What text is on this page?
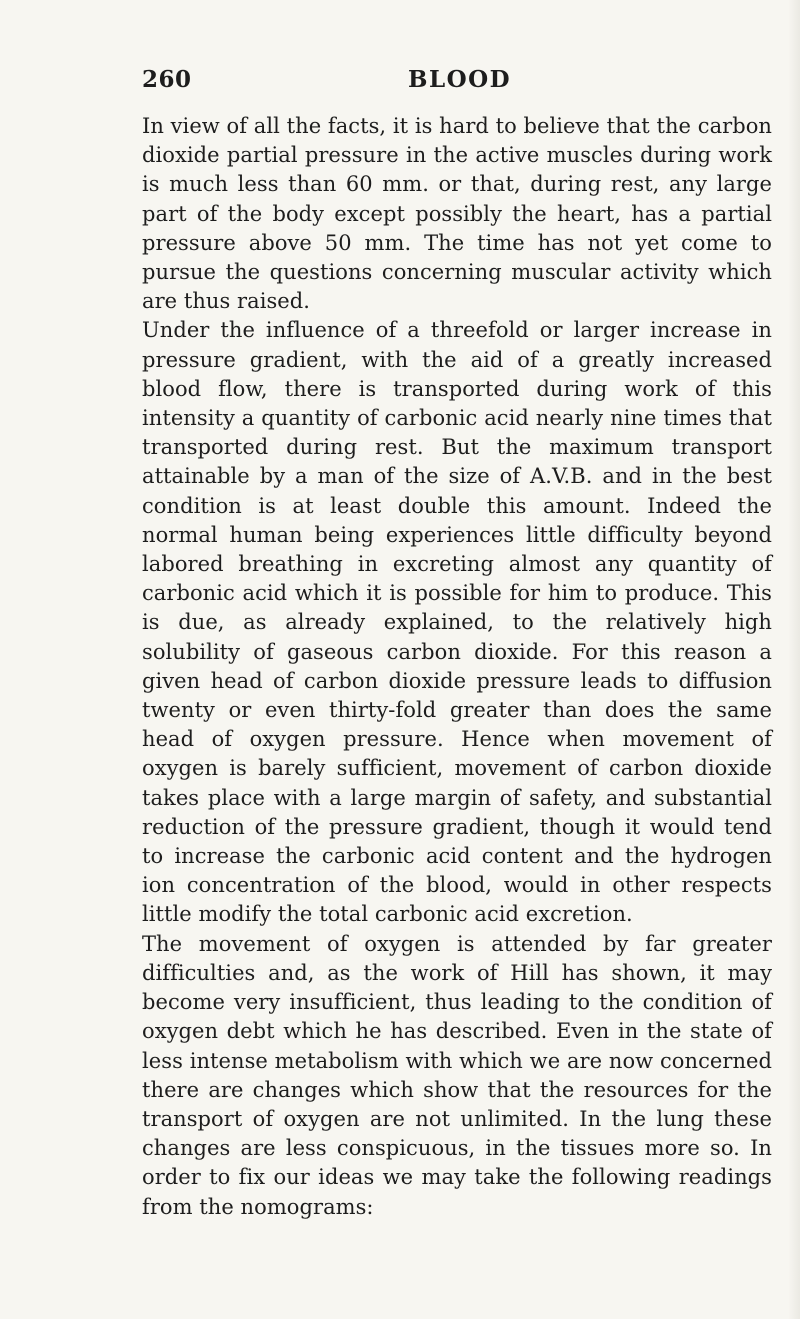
260	BLOOD

In view of all the facts, it is hard to believe that the carbon dioxide partial pressure in the active muscles during work is much less than 60 mm. or that, during rest, any large part of the body except possibly the heart, has a partial pressure above 50 mm. The time has not yet come to pursue the questions concerning muscular activity which are thus raised.

Under the influence of a threefold or larger increase in pressure gradient, with the aid of a greatly increased blood flow, there is transported during work of this intensity a quantity of carbonic acid nearly nine times that transported during rest. But the maximum transport attainable by a man of the size of A.V.B. and in the best condition is at least double this amount. Indeed the normal human being experiences little difficulty beyond labored breathing in excreting almost any quantity of carbonic acid which it is possible for him to produce. This is due, as already explained, to the relatively high solubility of gaseous carbon dioxide. For this reason a given head of carbon dioxide pressure leads to diffusion twenty or even thirty-fold greater than does the same head of oxygen pressure. Hence when movement of oxygen is barely sufficient, movement of carbon dioxide takes place with a large margin of safety, and substantial reduction of the pressure gradient, though it would tend to increase the carbonic acid content and the hydrogen ion concentration of the blood, would in other respects little modify the total carbonic acid excretion.

The movement of oxygen is attended by far greater difficulties and, as the work of Hill has shown, it may become very insufficient, thus leading to the condition of oxygen debt which he has described. Even in the state of less intense metabolism with which we are now concerned there are changes which show that the resources for the transport of oxygen are not unlimited. In the lung these changes are less conspicuous, in the tissues more so. In order to fix our ideas we may take the following readings from the nomograms:
